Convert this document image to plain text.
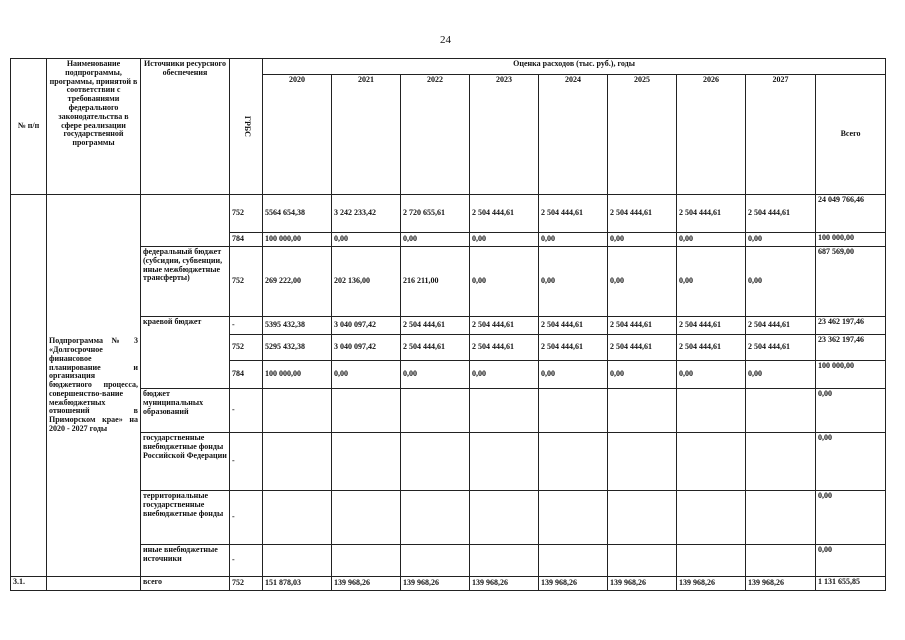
24
№ п/п	Наименование подпрограммы, программы, принятой в соответствии с требованиями федерального законодательства в сфере реализации государственной программы	Источники ресурсного обеспечения	ГРБС	Оценка расходов (тыс. руб.), годы								
				2020	2021	2022	2023	2024	2025	2026	2027	Всего
	Подпрограмма № 3 «Долгосрочное финансовое планирование и организация бюджетного процесса, совершенство-вание межбюджетных отношений в Приморском крае» на 2020 - 2027 годы		752	5564 654,38	3 242 233,42	2 720 655,61	2 504 444,61	2 504 444,61	2 504 444,61	2 504 444,61	2 504 444,61	24 049 766,46
			784	100 000,00	0,00	0,00	0,00	0,00	0,00	0,00	0,00	100 000,00
		федеральный бюджет (субсидии, субвенции, иные межбюджетные трансферты)	752	269 222,00	202 136,00	216 211,00	0,00	0,00	0,00	0,00	0,00	687 569,00
		краевой бюджет	-	5395 432,38	3 040 097,42	2 504 444,61	2 504 444,61	2 504 444,61	2 504 444,61	2 504 444,61	2 504 444,61	23 462 197,46
			752	5295 432,38	3 040 097,42	2 504 444,61	2 504 444,61	2 504 444,61	2 504 444,61	2 504 444,61	2 504 444,61	23 362 197,46
			784	100 000,00	0,00	0,00	0,00	0,00	0,00	0,00	0,00	100 000,00
		бюджет муниципальных образований	-									0,00
		государственные внебюджетные фонды Российской Федерации	-									0,00
		территориальные государственные внебюджетные фонды	-									0,00
		иные внебюджетные источники	-									0,00
3.1.		всего	752	151 878,03	139 968,26	139 968,26	139 968,26	139 968,26	139 968,26	139 968,26	139 968,26	1 131 655,85
